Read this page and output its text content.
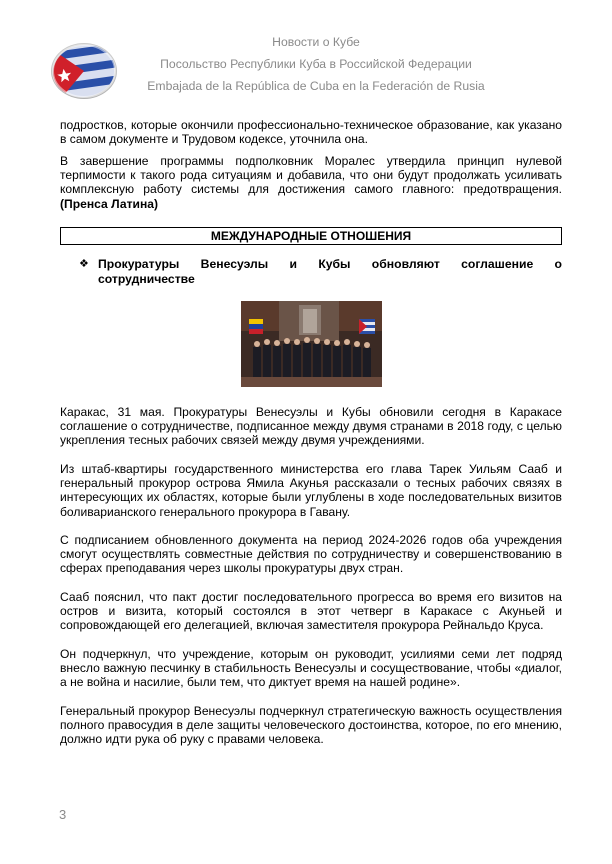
Новости о Кубе
Посольство Республики Куба в Российской Федерации
Embajada de la República de Cuba en la Federación de Rusia
подростков, которые окончили профессионально-техническое образование, как указано в самом документе и Трудовом кодексе, уточнила она.
В завершение программы подполковник Моралес утвердила принцип нулевой терпимости к такого рода ситуациям и добавила, что они будут продолжать усиливать комплексную работу системы для достижения самого главного: предотвращения. (Пренса Латина)
МЕЖДУНАРОДНЫЕ ОТНОШЕНИЯ
❖ Прокуратуры Венесуэлы и Кубы обновляют соглашение о
сотрудничестве
Каракас, 31 мая. Прокуратуры Венесуэлы и Кубы обновили сегодня в Каракасе соглашение о сотрудничестве, подписанное между двумя странами в 2018 году, с целью укрепления тесных рабочих связей между двумя учреждениями.
Из штаб-квартиры государственного министерства его глава Тарек Уильям Сааб и генеральный прокурор острова Ямила Акунья рассказали о тесных рабочих связях в интересующих их областях, которые были углублены в ходе последовательных визитов боливарианского генерального прокурора в Гавану.
С подписанием обновленного документа на период 2024-2026 годов оба учреждения смогут осуществлять совместные действия по сотрудничеству и совершенствованию в сферах преподавания через школы прокуратуры двух стран.
Сааб пояснил, что пакт достиг последовательного прогресса во время его визитов на остров и визита, который состоялся в этот четверг в Каракасе с Акуньей и сопровождающей его делегацией, включая заместителя прокурора Рейнальдо Круса.
Он подчеркнул, что учреждение, которым он руководит, усилиями семи лет подряд внесло важную песчинку в стабильность Венесуэлы и сосуществование, чтобы «диалог, а не война и насилие, были тем, что диктует время на нашей родине».
Генеральный прокурор Венесуэлы подчеркнул стратегическую важность осуществления полного правосудия в деле защиты человеческого достоинства, которое, по его мнению, должно идти рука об руку с правами человека.
3
